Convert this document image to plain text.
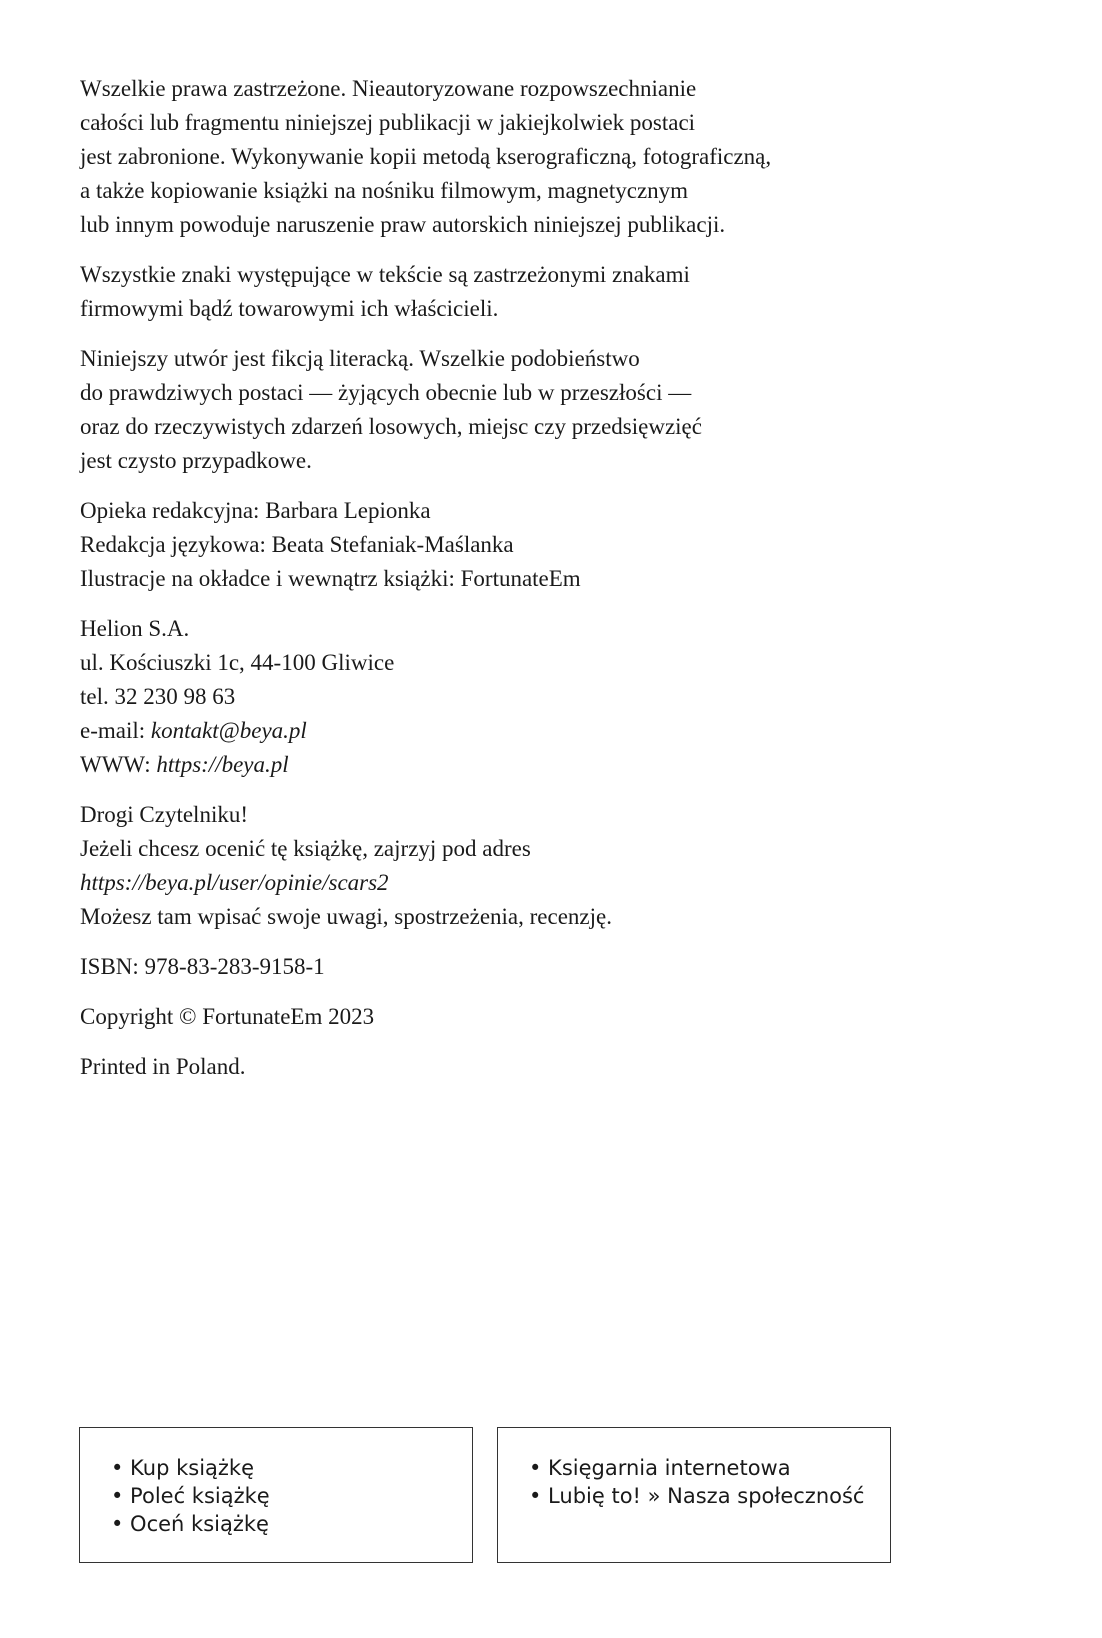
Wszelkie prawa zastrzeżone. Nieautoryzowane rozpowszechnianie
całości lub fragmentu niniejszej publikacji w jakiejkolwiek postaci
jest zabronione. Wykonywanie kopii metodą kserograficzną, fotograficzną,
a także kopiowanie książki na nośniku filmowym, magnetycznym
lub innym powoduje naruszenie praw autorskich niniejszej publikacji.

Wszystkie znaki występujące w tekście są zastrzeżonymi znakami
firmowymi bądź towarowymi ich właścicieli.

Niniejszy utwór jest fikcją literacką. Wszelkie podobieństwo
do prawdziwych postaci — żyjących obecnie lub w przeszłości —
oraz do rzeczywistych zdarzeń losowych, miejsc czy przedsięwzięć
jest czysto przypadkowe.

Opieka redakcyjna: Barbara Lepionka
Redakcja językowa: Beata Stefaniak-Maślanka
Ilustracje na okładce i wewnątrz książki: FortunateEm

Helion S.A.
ul. Kościuszki 1c, 44-100 Gliwice
tel. 32 230 98 63
e-mail: kontakt@beya.pl
WWW: https://beya.pl

Drogi Czytelniku!
Jeżeli chcesz ocenić tę książkę, zajrzyj pod adres
https://beya.pl/user/opinie/scars2
Możesz tam wpisać swoje uwagi, spostrzeżenia, recenzję.

ISBN: 978-83-283-9158-1

Copyright © FortunateEm 2023

Printed in Poland.

• Kup książkę
• Poleć książkę
• Oceń książkę
• Księgarnia internetowa
• Lubię to! » Nasza społeczność
